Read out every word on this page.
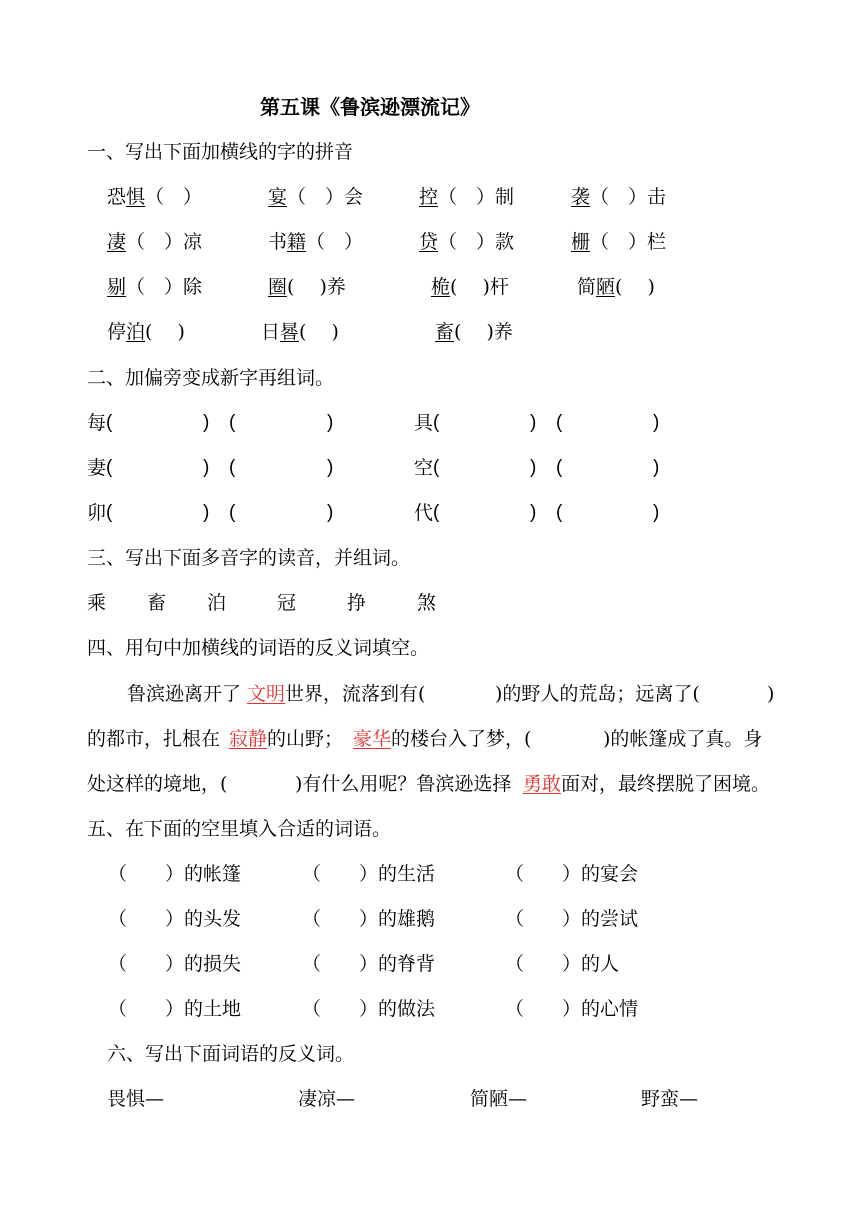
第五课《鲁滨逊漂流记》
一、写出下面加横线的字的拼音
恐惧（　）	宴（　）会	控（　）制	袭（　）击
凄（　）凉	书籍（　）	贷（　）款	栅（　）栏
剔（　）除	圈(　 )养	桅(　 )杆	简陋(　 )
停泊(　 )	日晷(　 )	畜(　 )养
二、加偏旁变成新字再组词。
每 (	) (	)	具 (	) (	)
妻 (	) (	)	空 (	) (	)
卯 (	) (	)	代 (	) (	)
三、写出下面多音字的读音，并组词。
乘 畜 泊	冠	挣	煞
四、用句中加横线的词语的反义词填空。
鲁滨逊离开了 文明 世界，流落到有(	)的野人的荒岛；远离了(	)
的都市，扎根在 寂静 的山野； 豪华 的楼台入了梦，(	)的帐篷成了真。身
处这样的境地，(	)有什么用呢？鲁滨逊选择 勇敢 面对，最终摆脱了困境。
五、在下面的空里填入合适的词语。
（　　）的帐篷	（　　）的生活	（　　）的宴会
（　　）的头发	（　　）的雄鹅	（　　）的尝试
（　　）的损失	（　　）的脊背	（　　）的人
（　　）的土地	（　　）的做法	（　　）的心情
六、写出下面词语的反义词。
畏惧—	凄凉—	简陋—	野蛮—
